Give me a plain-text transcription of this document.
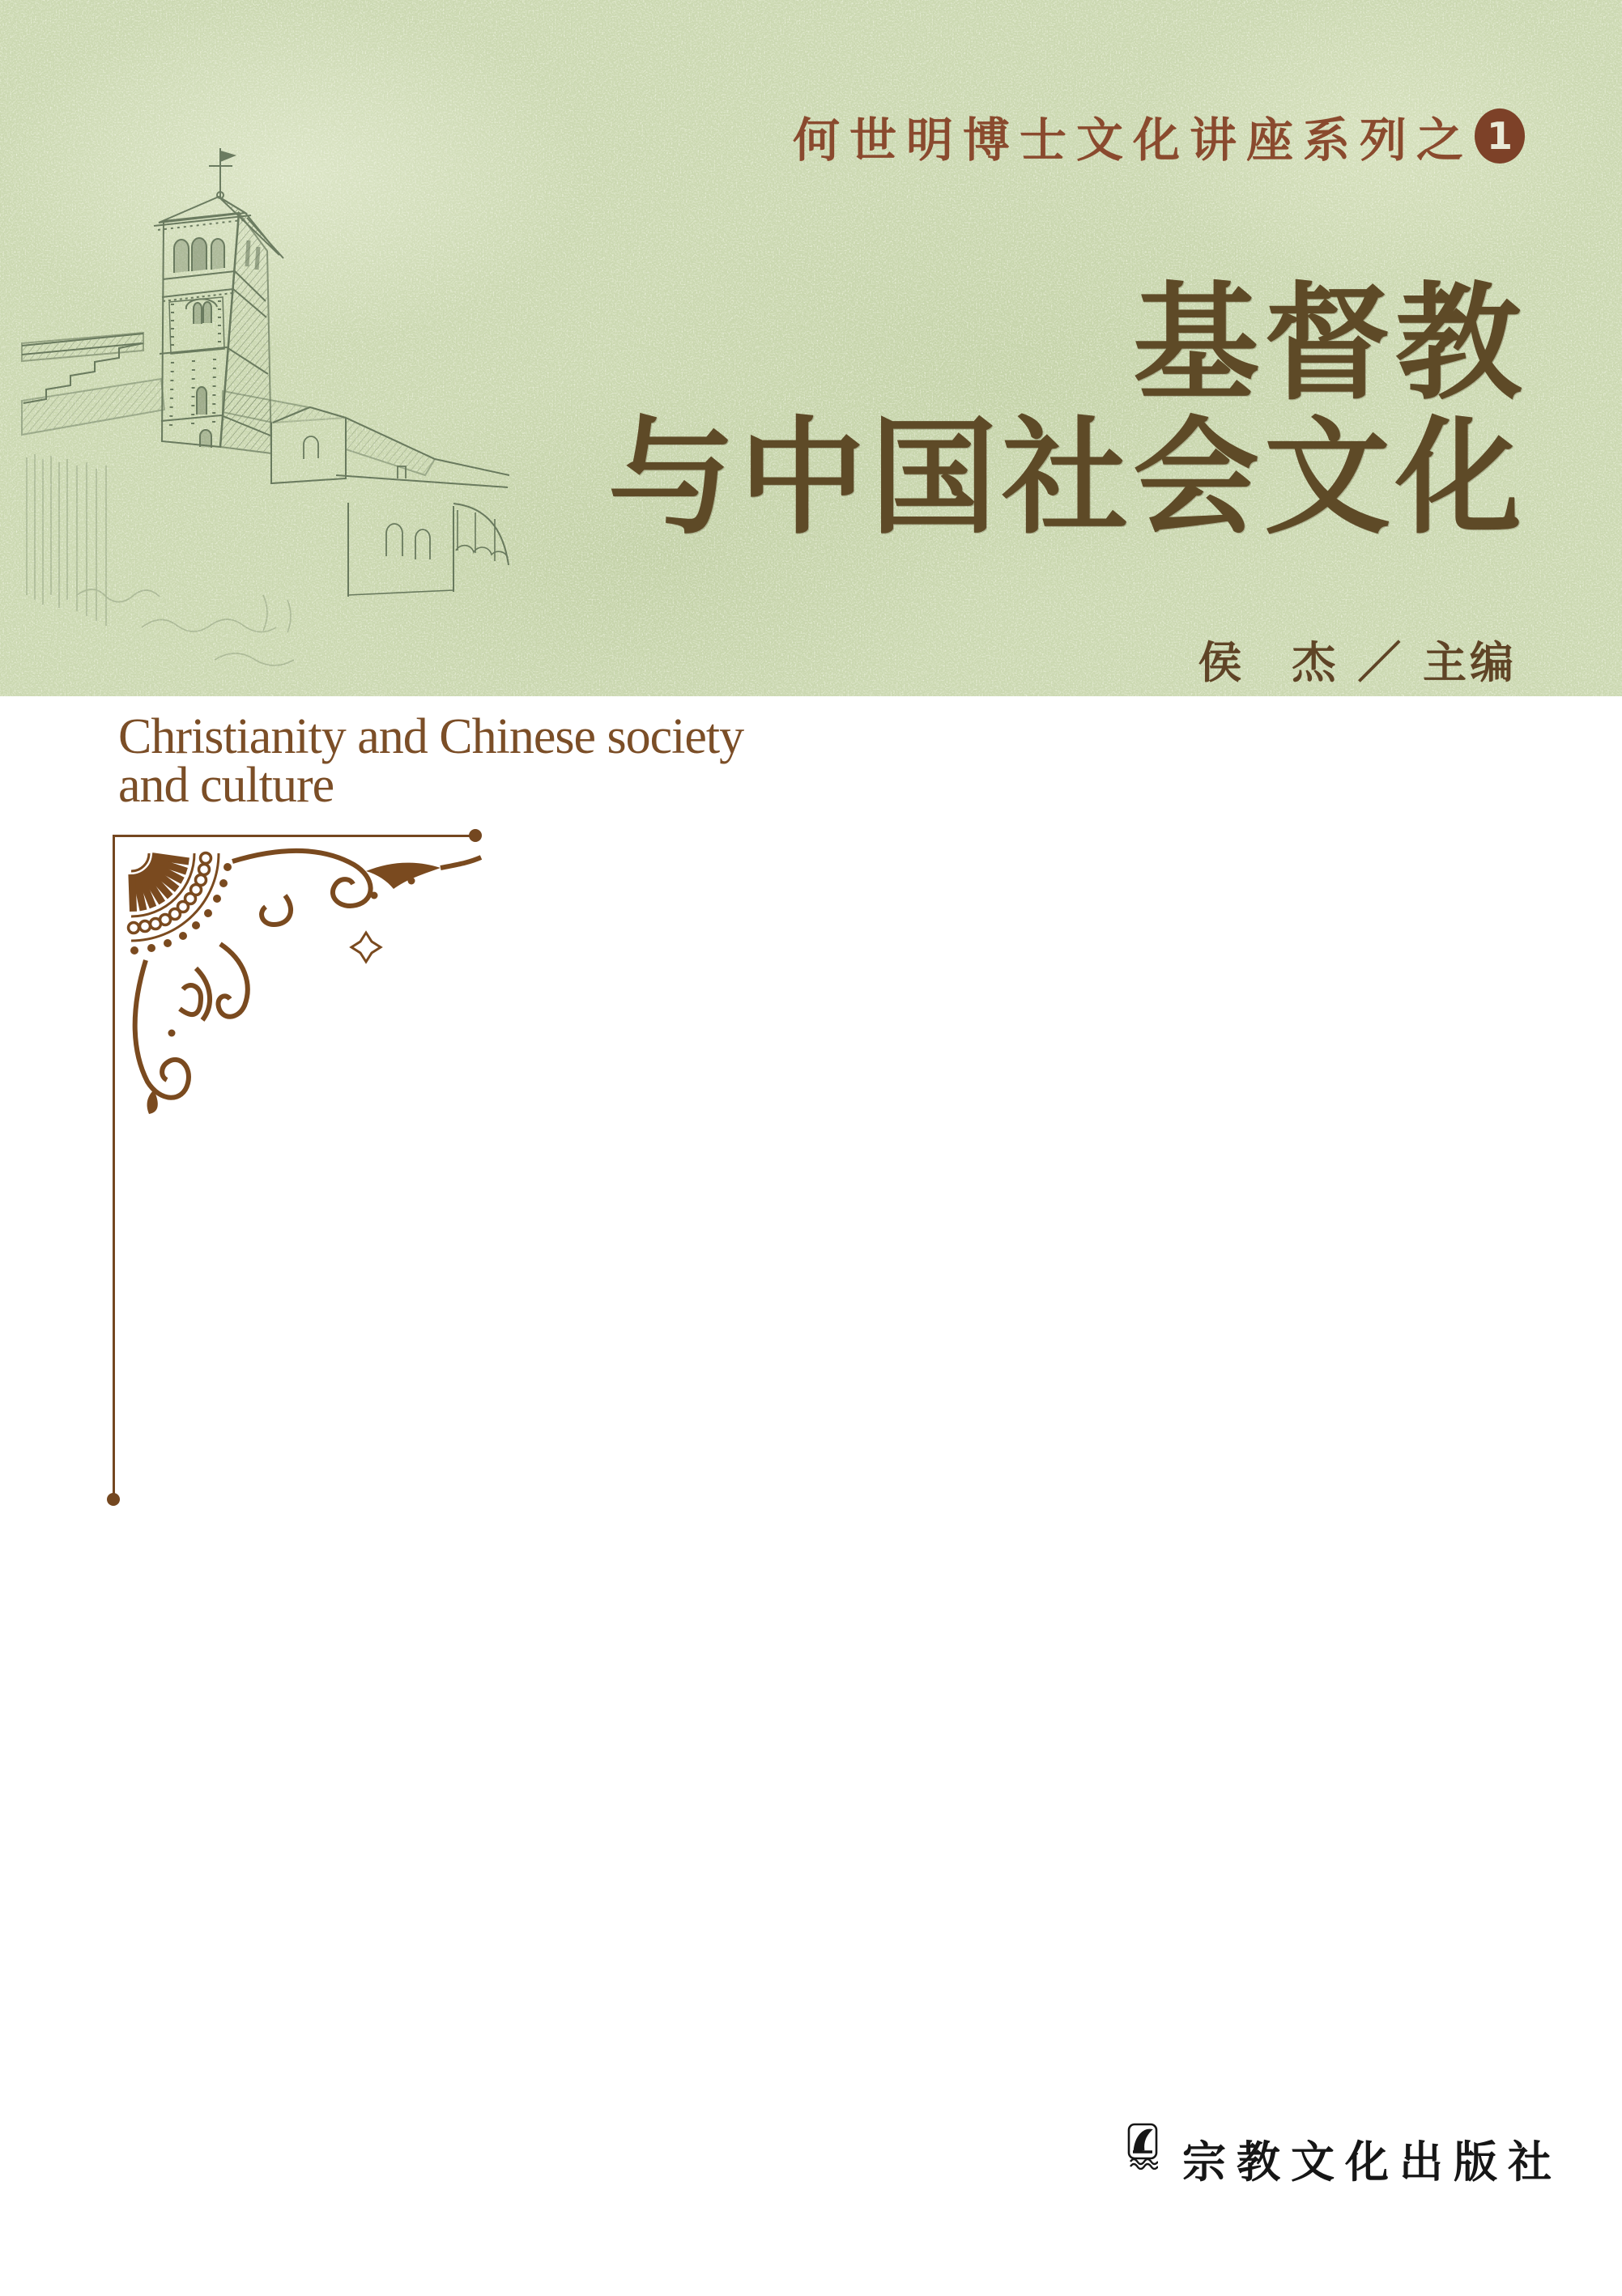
何世明博士文化讲座系列之 1
基督教
与中国社会文化
侯　杰 ／ 主编
Christianity and Chinese society
and culture
宗教文化出版社
